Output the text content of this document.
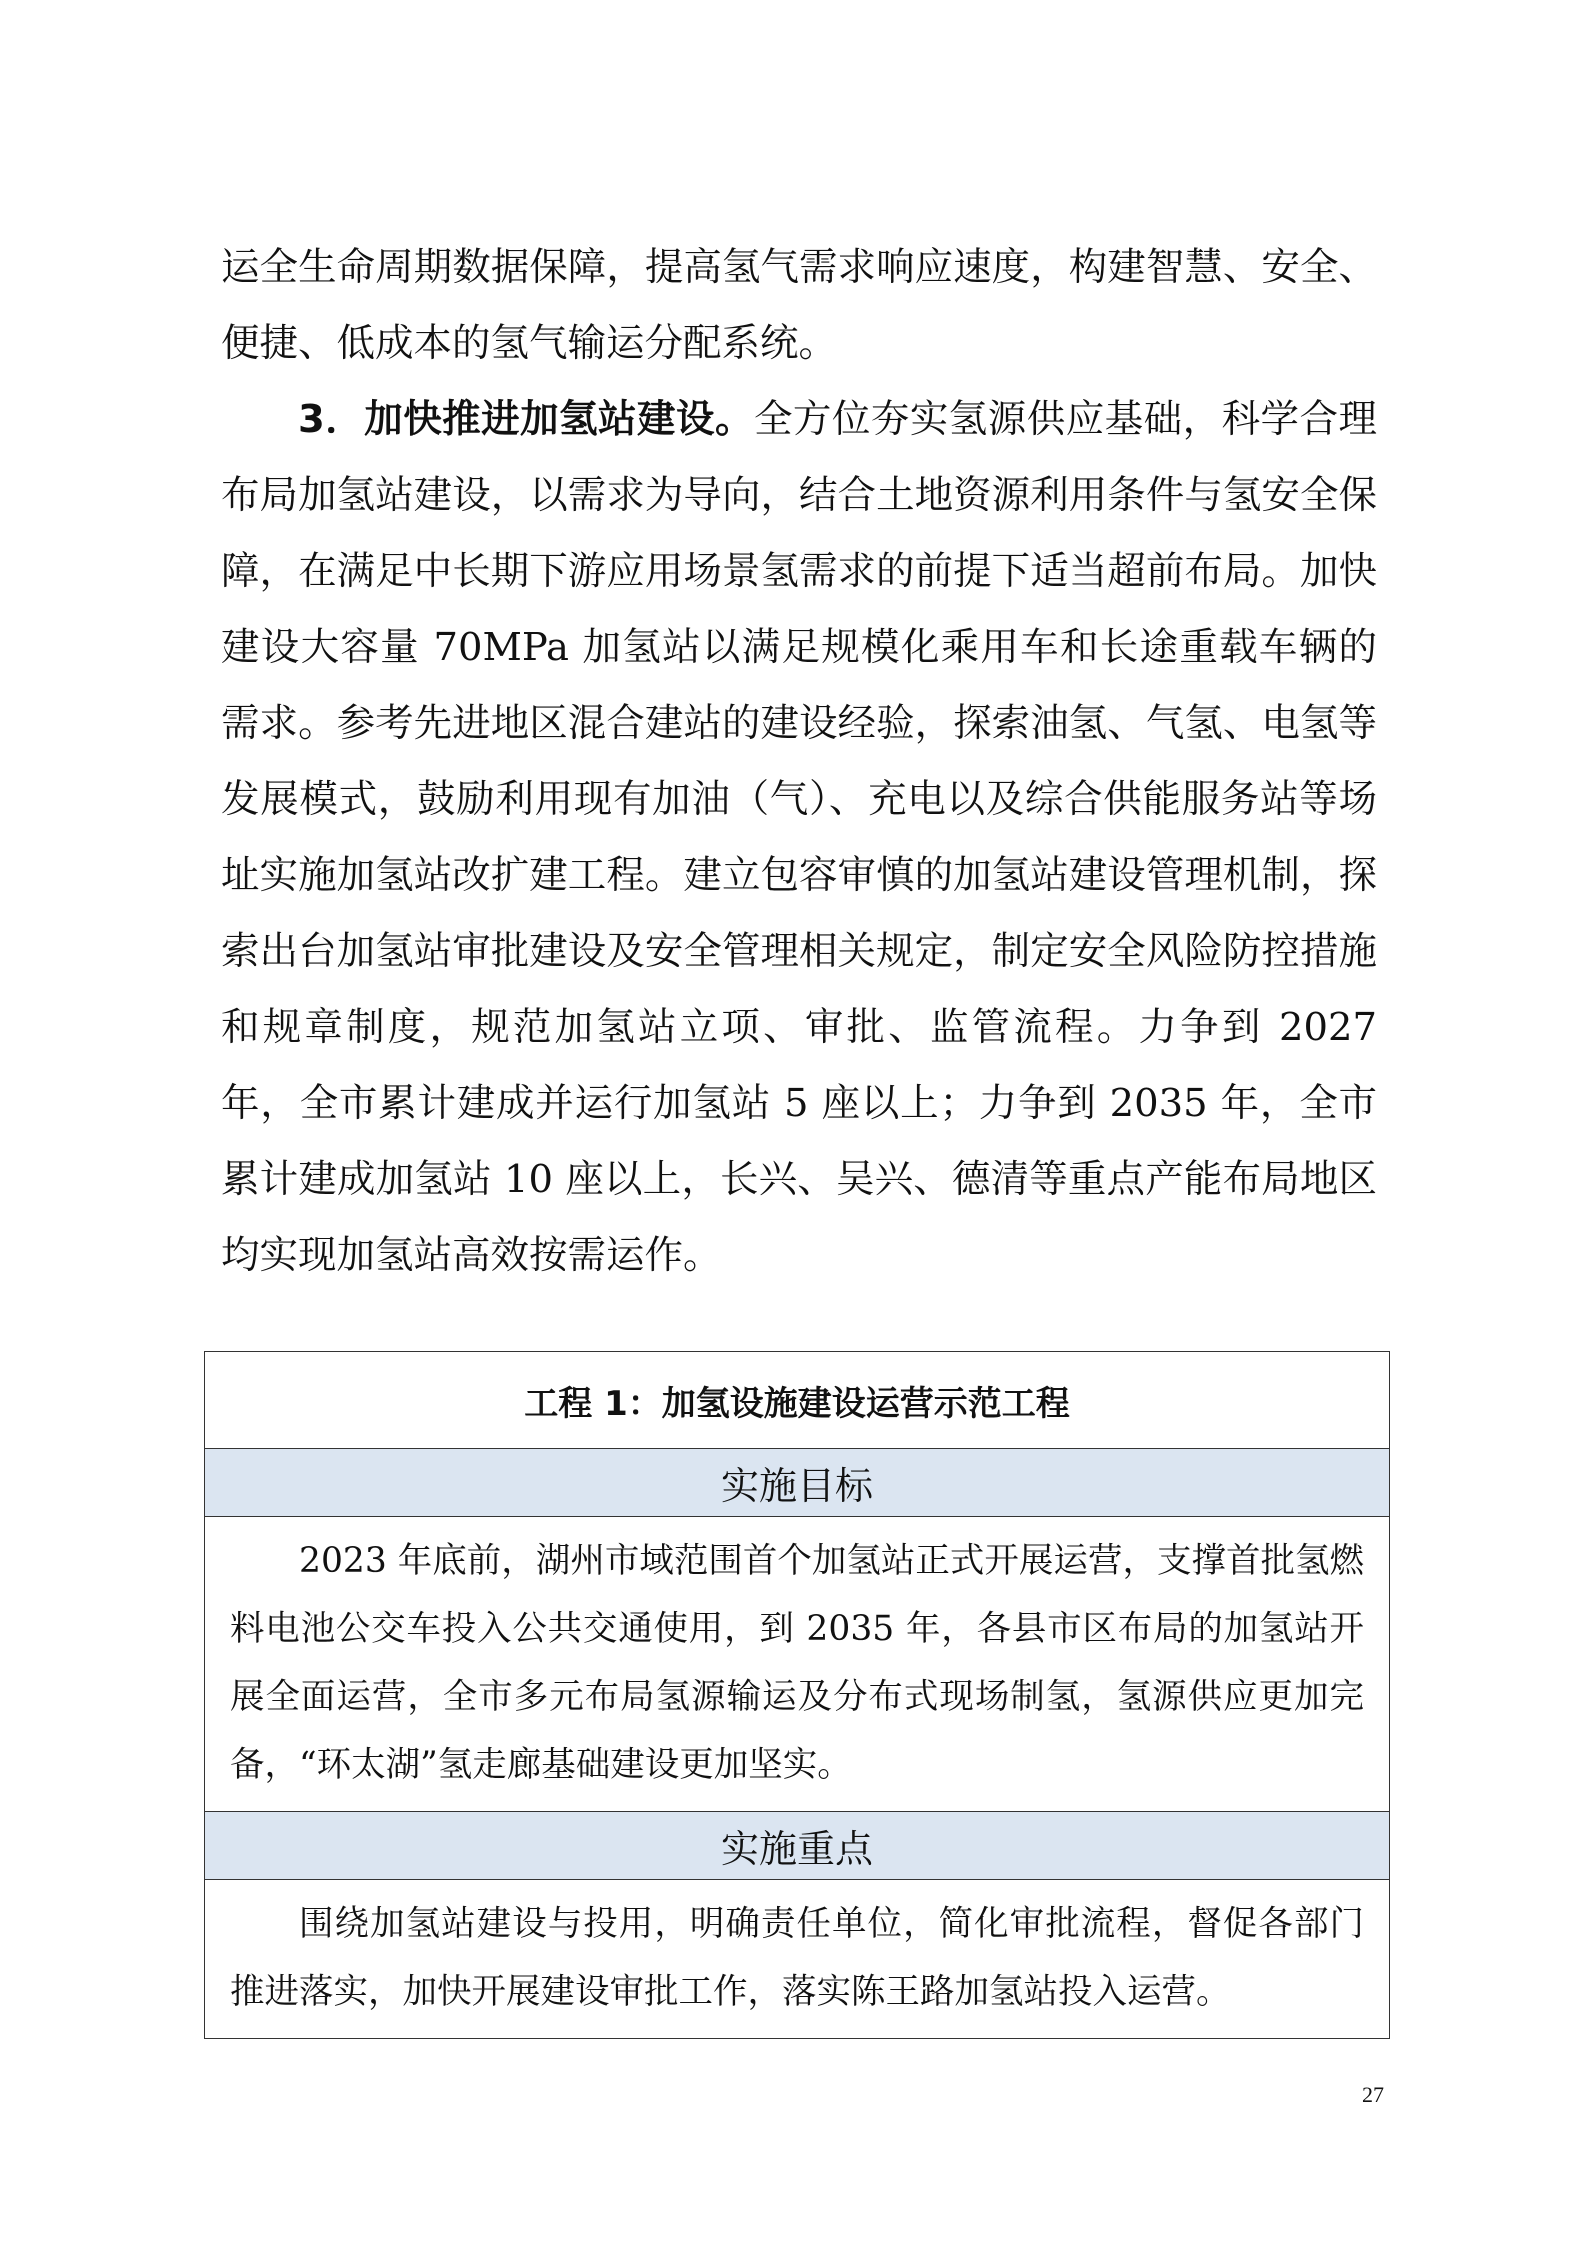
运全生命周期数据保障，提高氢气需求响应速度，构建智慧、安全、便捷、低成本的氢气输运分配系统。

3．加快推进加氢站建设。全方位夯实氢源供应基础，科学合理布局加氢站建设，以需求为导向，结合土地资源利用条件与氢安全保障，在满足中长期下游应用场景氢需求的前提下适当超前布局。加快建设大容量 70MPa 加氢站以满足规模化乘用车和长途重载车辆的需求。参考先进地区混合建站的建设经验，探索油氢、气氢、电氢等发展模式，鼓励利用现有加油（气）、充电以及综合供能服务站等场址实施加氢站改扩建工程。建立包容审慎的加氢站建设管理机制，探索出台加氢站审批建设及安全管理相关规定，制定安全风险防控措施和规章制度，规范加氢站立项、审批、监管流程。力争到 2027 年，全市累计建成并运行加氢站 5 座以上；力争到 2035 年，全市累计建成加氢站 10 座以上，长兴、吴兴、德清等重点产能布局地区均实现加氢站高效按需运作。

工程 1：加氢设施建设运营示范工程
实施目标
2023 年底前，湖州市域范围首个加氢站正式开展运营，支撑首批氢燃料电池公交车投入公共交通使用，到 2035 年，各县市区布局的加氢站开展全面运营，全市多元布局氢源输运及分布式现场制氢，氢源供应更加完备，“环太湖”氢走廊基础建设更加坚实。
实施重点
围绕加氢站建设与投用，明确责任单位，简化审批流程，督促各部门推进落实，加快开展建设审批工作，落实陈王路加氢站投入运营。
27
